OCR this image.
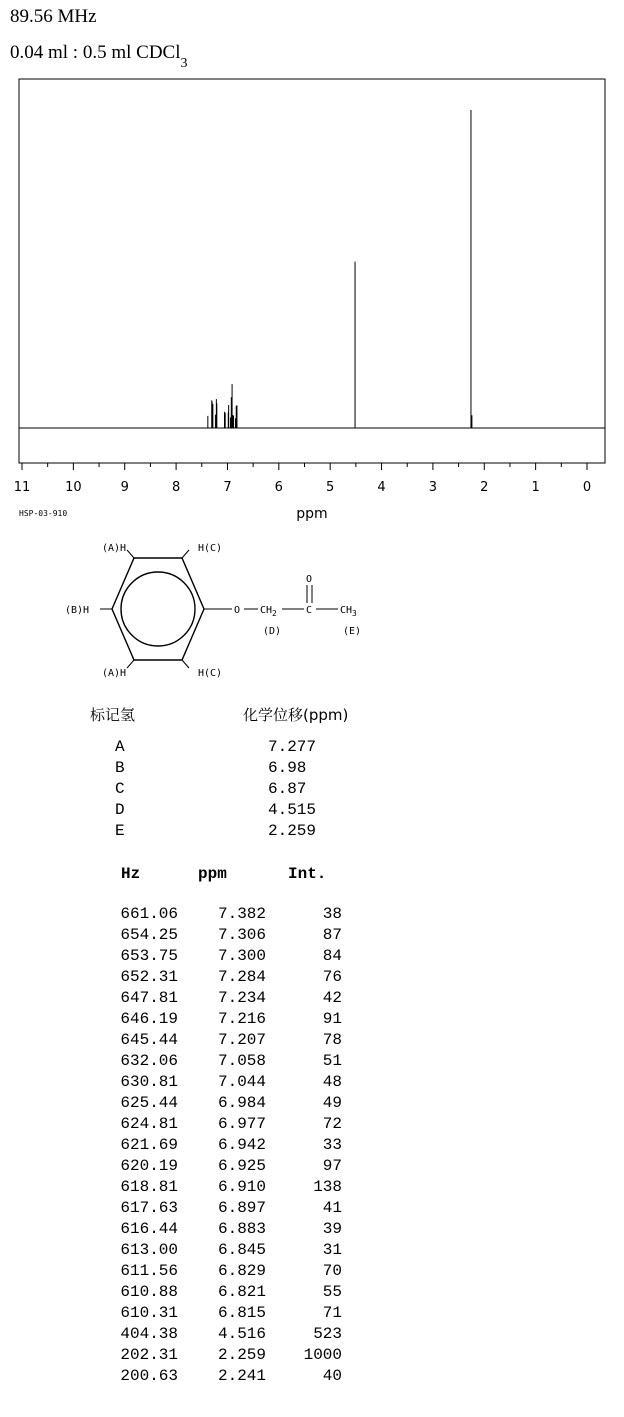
89.56 MHz
0.04 ml : 0.5 ml CDCl$_3$
11	10	9	8	7	6	5	4	3	2	1	0
ppm
HSP-03-910
(A)H	H(C)
(B)H
(A)H	H(C)
O $CH_2$	C
O
$CH_3$
(D)	(E)
标记氢	化学位移(ppm)
A	7.277
B	6.98
C	6.87
D	4.515
E	2.259
Hz	ppm	Int.
661.06 7.382	38
654.25 7.306	87
653.75 7.300	84
652.31 7.284	76
647.81 7.234	42
646.19 7.216	91
645.44 7.207	78
632.06 7.058	51
630.81 7.044	48
625.44 6.984	49
624.81 6.977	72
621.69 6.942	33
620.19 6.925	97
618.81 6.910	138
617.63 6.897	41
616.44 6.883	39
613.00 6.845	31
611.56 6.829	70
610.88 6.821	55
610.31 6.815	71
404.38 4.516	523
202.31 2.259 1000
200.63 2.241	40
